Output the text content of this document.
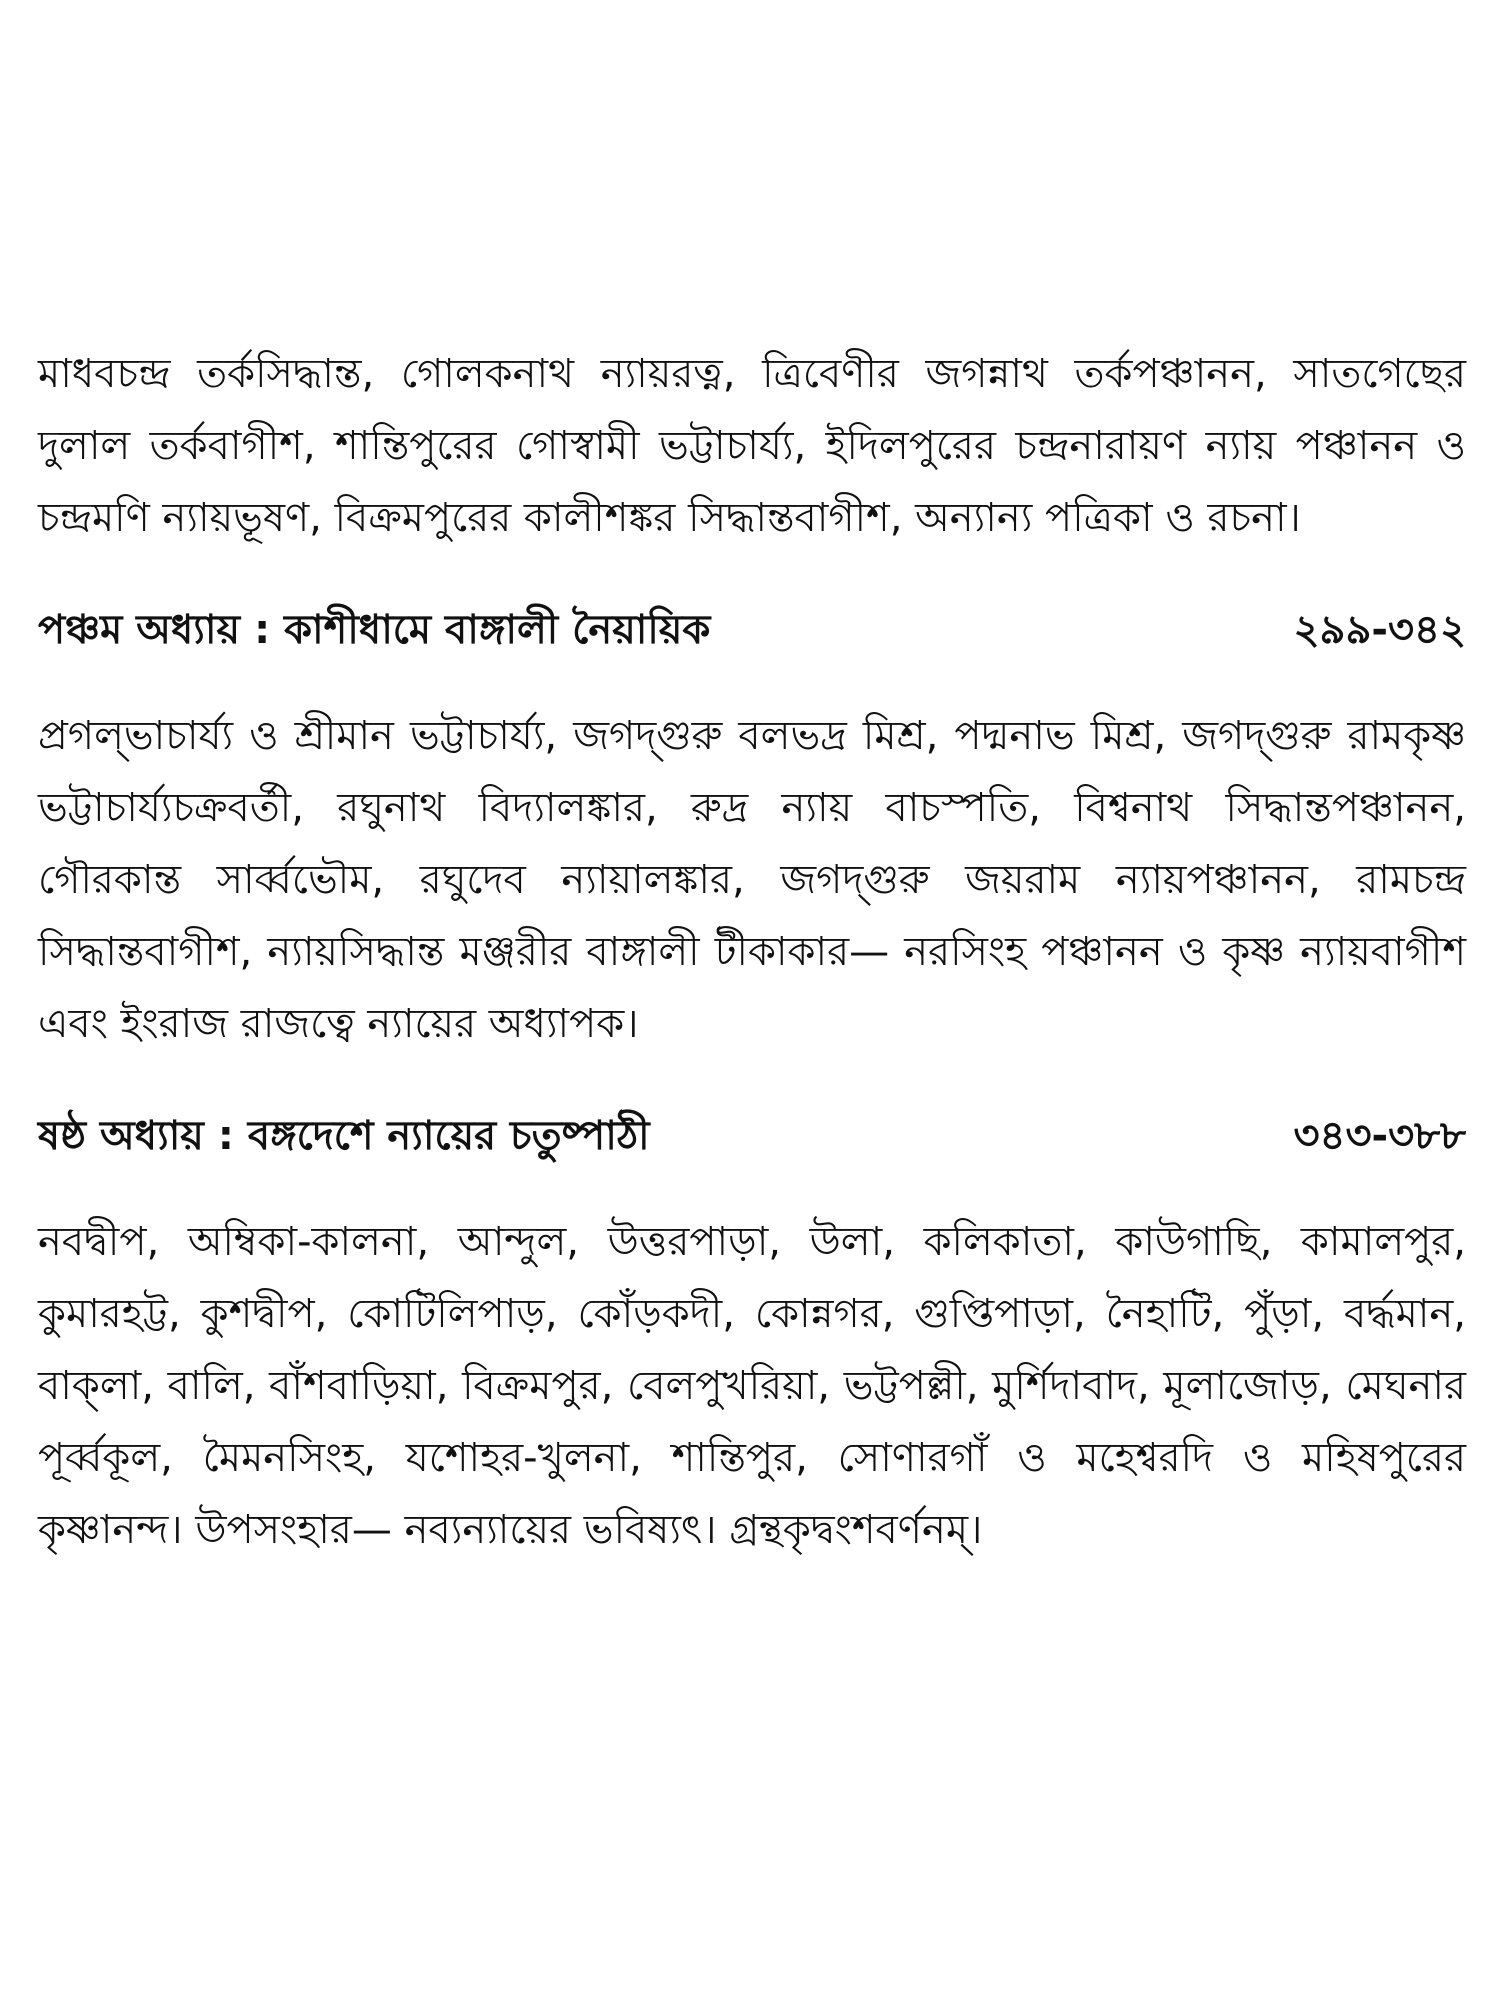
মাধবচন্দ্র তর্কসিদ্ধান্ত, গোলকনাথ ন্যায়রত্ন, ত্রিবেণীর জগন্নাথ তর্কপঞ্চানন, সাতগেছের দুলাল তর্কবাগীশ, শান্তিপুরের গোস্বামী ভট্টাচার্য্য, ইদিলপুরের চন্দ্রনারায়ণ ন্যায় পঞ্চানন ও চন্দ্রমণি ন্যায়ভূষণ, বিক্রমপুরের কালীশঙ্কর সিদ্ধান্তবাগীশ, অন্যান্য পত্রিকা ও রচনা।

পঞ্চম অধ্যায় : কাশীধামে বাঙ্গালী নৈয়ায়িক	২৯৯-৩৪২

প্রগল্‌ভাচার্য্য ও শ্রীমান ভট্টাচার্য্য, জগদ্‌গুরু বলভদ্র মিশ্র, পদ্মনাভ মিশ্র, জগদ্‌গুরু রামকৃষ্ণ ভট্টাচার্য্যচক্রবর্তী, রঘুনাথ বিদ্যালঙ্কার, রুদ্র ন্যায় বাচস্পতি, বিশ্বনাথ সিদ্ধান্তপঞ্চানন, গৌরকান্ত সার্ব্বভৌম, রঘুদেব ন্যায়ালঙ্কার, জগদ্‌গুরু জয়রাম ন্যায়পঞ্চানন, রামচন্দ্র সিদ্ধান্তবাগীশ, ন্যায়সিদ্ধান্ত মঞ্জরীর বাঙ্গালী টীকাকার— নরসিংহ পঞ্চানন ও কৃষ্ণ ন্যায়বাগীশ এবং ইংরাজ রাজত্বে ন্যায়ের অধ্যাপক।

ষষ্ঠ অধ্যায় : বঙ্গদেশে ন্যায়ের চতুষ্পাঠী	৩৪৩-৩৮৮

নবদ্বীপ, অম্বিকা-কালনা, আন্দুল, উত্তরপাড়া, উলা, কলিকাতা, কাউগাছি, কামালপুর, কুমারহট্ট, কুশদ্বীপ, কোটিলিপাড়, কোঁড়কদী, কোন্নগর, গুপ্তিপাড়া, নৈহাটি, পুঁড়া, বর্দ্ধমান, বাক্‌লা, বালি, বাঁশবাড়িয়া, বিক্রমপুর, বেলপুখরিয়া, ভট্টপল্লী, মুর্শিদাবাদ, মূলাজোড়, মেঘনার পূর্ব্বকূল, মৈমনসিংহ, যশোহর-খুলনা, শান্তিপুর, সোণারগাঁ ও মহেশ্বরদি ও মহিষপুরের কৃষ্ণানন্দ। উপসংহার— নব্যন্যায়ের ভবিষ্যৎ। গ্রন্থকৃদ্বংশবর্ণনম্‌।
